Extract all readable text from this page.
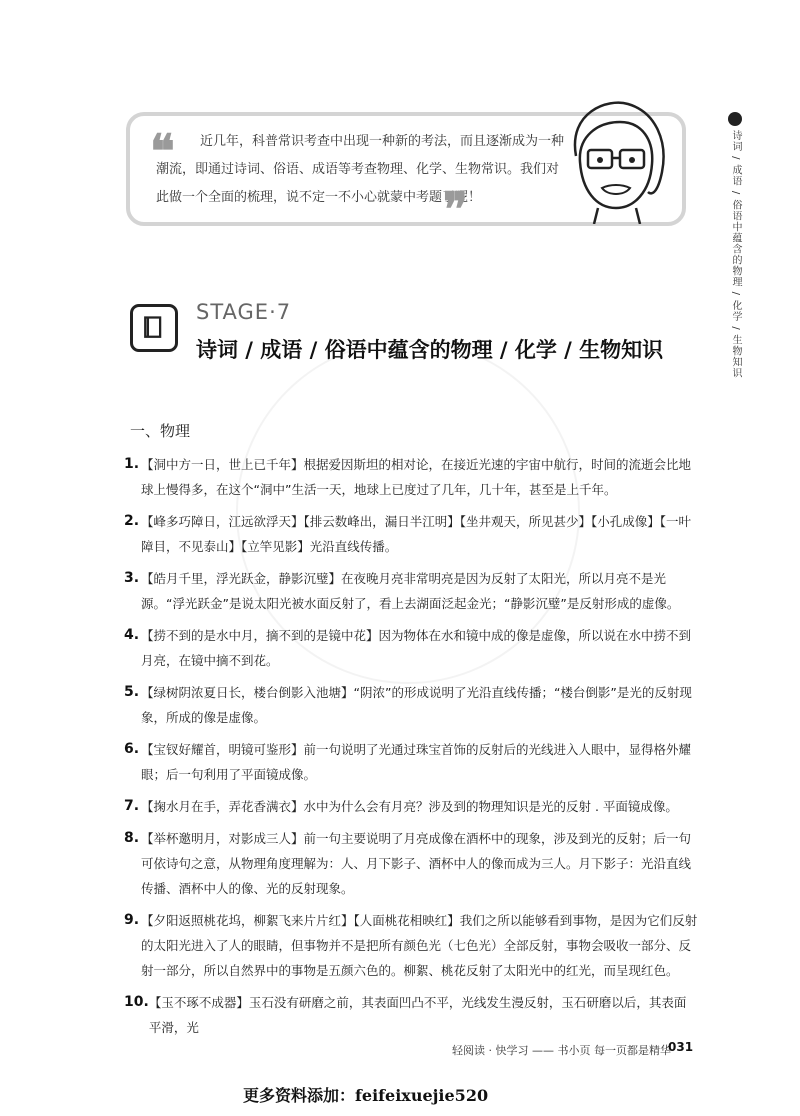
❝	近几年，科普常识考查中出现一种新的考法，而且逐渐成为一种潮流，即通过诗词、俗语、成语等考查物理、化学、生物常识。我们对此做一个全面的梳理，说不定一不小心就蒙中考题了呢！

❞	诗词 / 成语 / 俗语中蕴含的物理 / 化学 / 生物知识
STAGE·7
诗词 / 成语 / 俗语中蕴含的物理 / 化学 / 生物知识
一、物理
1. 【洞中方一日，世上已千年】根据爱因斯坦的相对论，在接近光速的宇宙中航行，时间的流逝会比地球上慢得多，在这个“洞中”生活一天，地球上已度过了几年，几十年，甚至是上千年。

2. 【峰多巧障日，江远欲浮天】【排云数峰出，漏日半江明】【坐井观天，所见甚少】【小孔成像】【一叶障目，不见泰山】【立竿见影】光沿直线传播。

3. 【皓月千里，浮光跃金，静影沉璧】在夜晚月亮非常明亮是因为反射了太阳光，所以月亮不是光源。“浮光跃金”是说太阳光被水面反射了，看上去湖面泛起金光；“静影沉璧”是反射形成的虚像。

4. 【捞不到的是水中月，摘不到的是镜中花】因为物体在水和镜中成的像是虚像，所以说在水中捞不到月亮，在镜中摘不到花。

5. 【绿树阴浓夏日长，楼台倒影入池塘】“阴浓”的形成说明了光沿直线传播；“楼台倒影”是光的反射现象，所成的像是虚像。

6. 【宝钗好耀首，明镜可鉴形】前一句说明了光通过珠宝首饰的反射后的光线进入人眼中，显得格外耀眼；后一句利用了平面镜成像。

7. 【掬水月在手，弄花香满衣】水中为什么会有月亮？涉及到的物理知识是光的反射 . 平面镜成像。

8. 【举杯邀明月，对影成三人】前一句主要说明了月亮成像在酒杯中的现象，涉及到光的反射；后一句可依诗句之意，从物理角度理解为：人、月下影子、酒杯中人的像而成为三人。月下影子：光沿直线传播、酒杯中人的像、光的反射现象。

9. 【夕阳返照桃花坞，柳絮飞来片片红】【人面桃花相映红】我们之所以能够看到事物，是因为它们反射的太阳光进入了人的眼睛，但事物并不是把所有颜色光（七色光）全部反射，事物会吸收一部分、反射一部分，所以自然界中的事物是五颜六色的。柳絮、桃花反射了太阳光中的红光，而呈现红色。

10. 【玉不琢不成器】玉石没有研磨之前，其表面凹凸不平，光线发生漫反射，玉石研磨以后，其表面平滑，光

轻阅读 · 快学习 —— 书小页 每一页都是精华
031
更多资料添加：feifeixuejie520
